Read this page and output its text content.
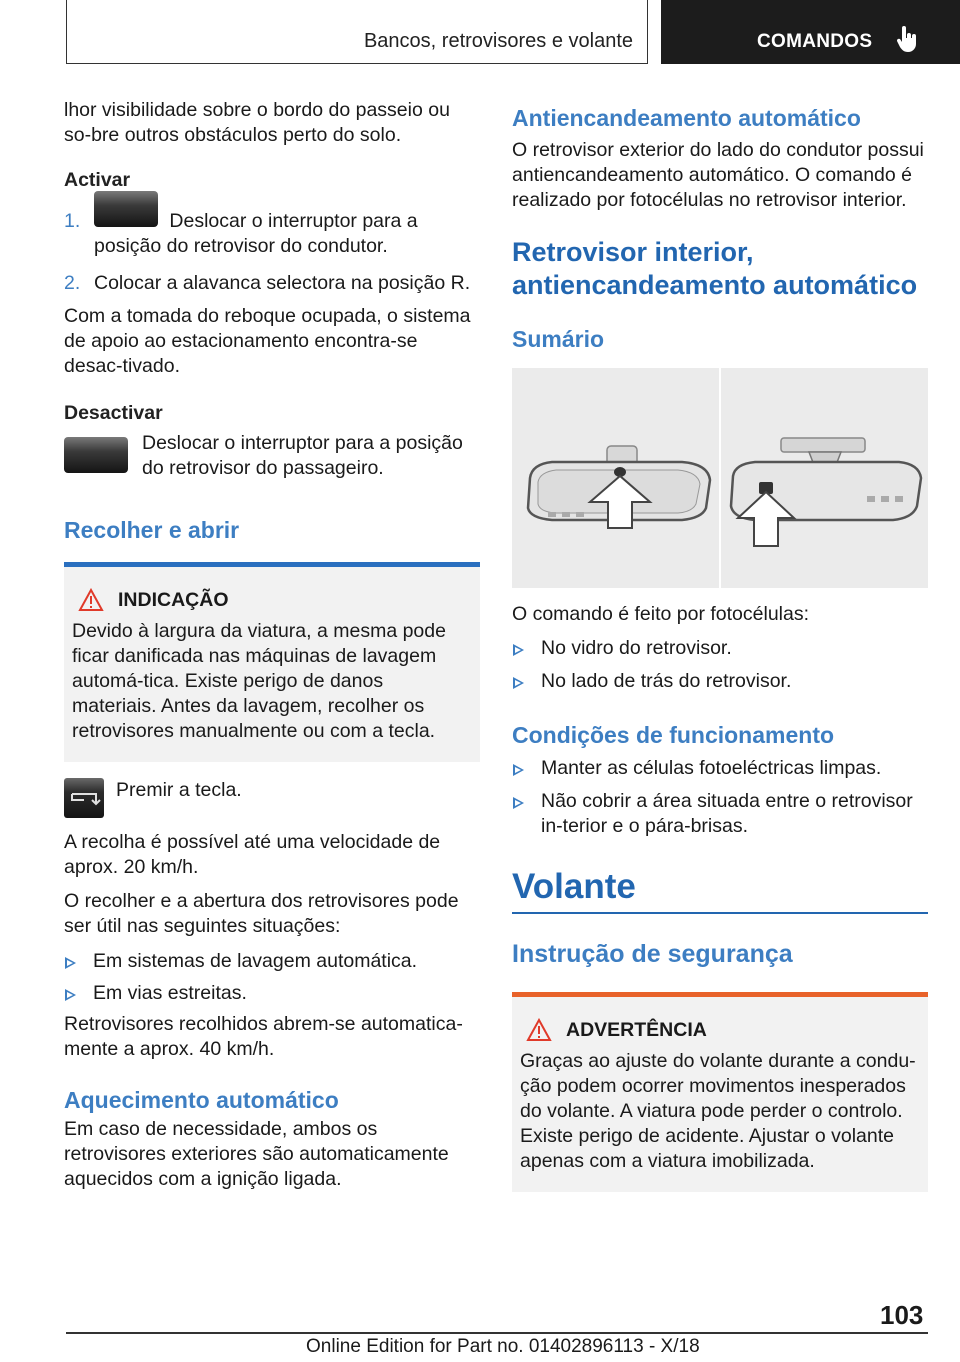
Bancos, retrovisores e volante	COMANDOS

lhor visibilidade sobre o bordo do passeio ou so-bre outros obstáculos perto do solo.

Activar
1.	Deslocar o interruptor para a posição do retrovisor do condutor.
2. Colocar a alavanca selectora na posição R.

Com a tomada do reboque ocupada, o sistema de apoio ao estacionamento encontra-se desac-tivado.

Desactivar

Deslocar o interruptor para a posição do retrovisor do passageiro.

Recolher e abrir
INDICAÇÃO
Devido à largura da viatura, a mesma pode ficar danificada nas máquinas de lavagem automá-tica. Existe perigo de danos materiais. Antes da lavagem, recolher os retrovisores manualmente ou com a tecla.

Premir a tecla.

A recolha é possível até uma velocidade de aprox. 20 km/h.

O recolher e a abertura dos retrovisores pode ser útil nas seguintes situações:

Em sistemas de lavagem automática.
Em vias estreitas.

Retrovisores recolhidos abrem-se automatica-mente a aprox. 40 km/h.

Aquecimento automático

Em caso de necessidade, ambos os retrovisores exteriores são automaticamente aquecidos com a ignição ligada.

Antiencandeamento automático

O retrovisor exterior do lado do condutor possui antiencandeamento automático. O comando é realizado por fotocélulas no retrovisor interior.

Retrovisor interior, antiencandeamento automático
Sumário

O comando é feito por fotocélulas:

No vidro do retrovisor.
No lado de trás do retrovisor.
Condições de funcionamento
Manter as células fotoeléctricas limpas.
Não cobrir a área situada entre o retrovisor in-terior e o pára-brisas.
Volante
Instrução de segurança
ADVERTÊNCIA
Graças ao ajuste do volante durante a condu-ção podem ocorrer movimentos inesperados do volante. A viatura pode perder o controlo. Existe perigo de acidente. Ajustar o volante apenas com a viatura imobilizada.
103
Online Edition for Part no. 01402896113 - X/18
